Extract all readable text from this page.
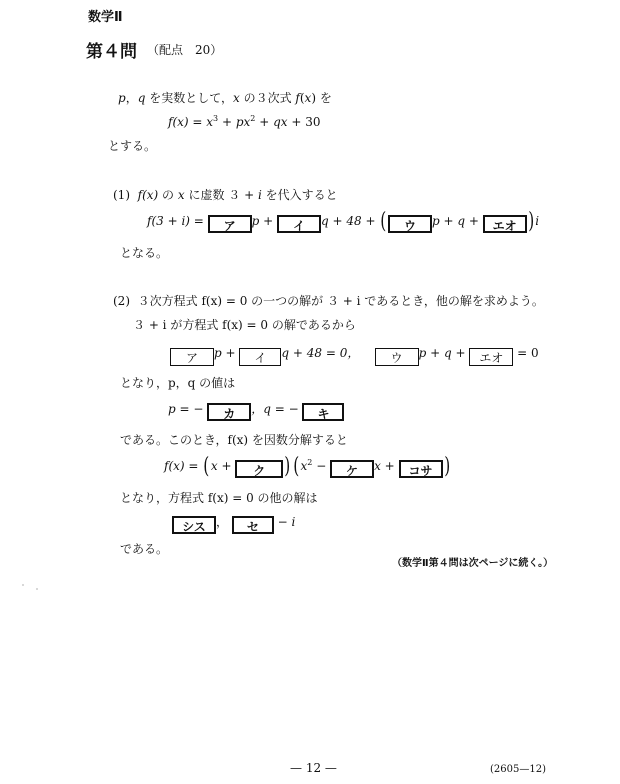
数学Ⅱ
第４問 （配点　20）
p，q を実数として，x の３次式 f(x) を
$f(x) = x^3 + px^2$ + qx + 30
とする。
(1) f(x) の x に虚数 ３ + i を代入すると
f(3 + i) = ア p + イ q + 48 + ( ウ p + q + エオ )i
となる。
(2) ３次方程式 f(x) = 0 の一つの解が ３ + i であるとき，他の解を求めよう。
３ + i が方程式 f(x) = 0 の解であるから
ア p + イ q + 48 = 0，	ウ p + q + エオ = 0
となり，p，q の値は
p = − カ ，q = − キ
である。このとき，f(x) を因数分解すると
f(x) = (x + ク ) ($x^2$ − ケ x + コサ )
となり，方程式 f(x) = 0 の他の解は
シス ， セ − i
である。
（数学Ⅱ第４問は次ページに続く。）
— 12 —	(2605—12)
